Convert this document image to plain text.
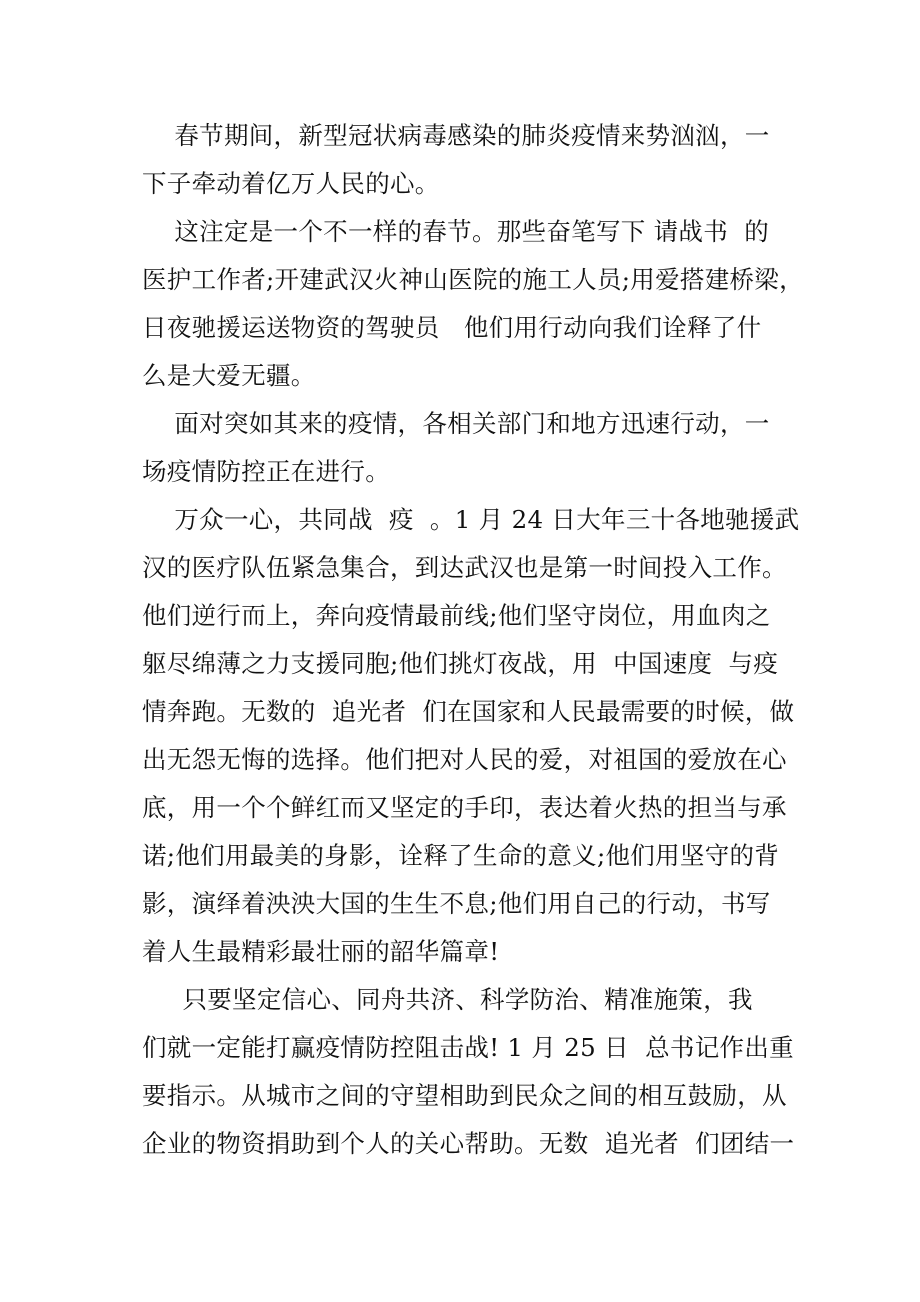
春节期间，新型冠状病毒感染的肺炎疫情来势汹汹，一
下子牵动着亿万人民的心。
这注定是一个不一样的春节。那些奋笔写下 请战书  的
医护工作者;开建武汉火神山医院的施工人员;用爱搭建桥梁，
日夜驰援运送物资的驾驶员   他们用行动向我们诠释了什
么是大爱无疆。
面对突如其来的疫情，各相关部门和地方迅速行动，一
场疫情防控正在进行。
万众一心，共同战  疫  。1 月 24 日大年三十各地驰援武
汉的医疗队伍紧急集合，到达武汉也是第一时间投入工作。
他们逆行而上，奔向疫情最前线;他们坚守岗位，用血肉之
躯尽绵薄之力支援同胞;他们挑灯夜战，用  中国速度  与疫
情奔跑。无数的  追光者  们在国家和人民最需要的时候，做
出无怨无悔的选择。他们把对人民的爱，对祖国的爱放在心
底，用一个个鲜红而又坚定的手印，表达着火热的担当与承
诺;他们用最美的身影，诠释了生命的意义;他们用坚守的背
影，演绎着泱泱大国的生生不息;他们用自己的行动，书写
着人生最精彩最壮丽的韶华篇章!
只要坚定信心、同舟共济、科学防治、精准施策，我
们就一定能打赢疫情防控阻击战! 1 月 25 日  总书记作出重
要指示。从城市之间的守望相助到民众之间的相互鼓励，从
企业的物资捐助到个人的关心帮助。无数  追光者  们团结一
